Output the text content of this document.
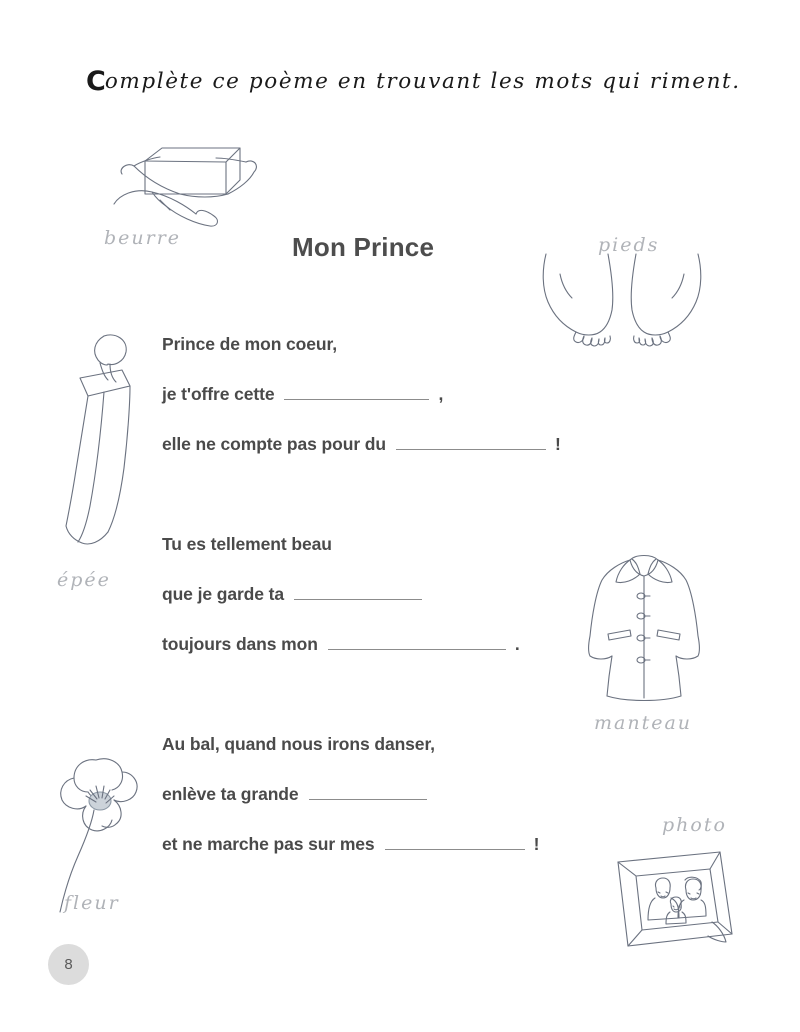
Complète ce poème en trouvant les mots qui riment.
beurre	pieds
épée
manteau
fleur
photo
Mon Prince
Prince de mon coeur,
je t'offre cette	,
elle ne compte pas pour du	!
Tu es tellement beau
que je garde ta
toujours dans mon	.
Au bal, quand nous irons danser,
enlève ta grande
et ne marche pas sur mes	!
8
